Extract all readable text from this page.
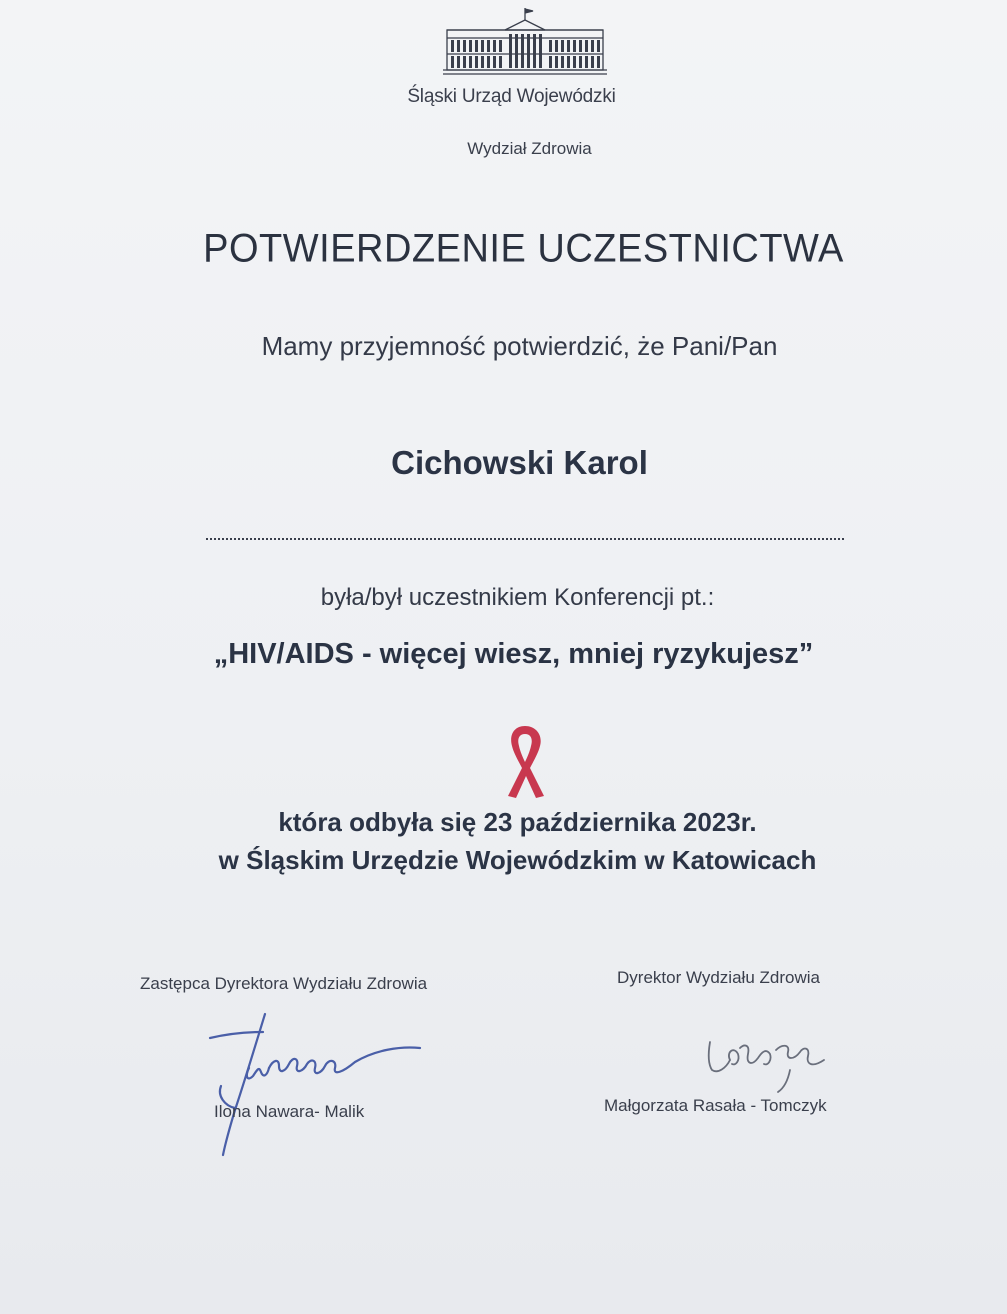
Śląski Urząd Wojewódzki
Wydział Zdrowia
POTWIERDZENIE UCZESTNICTWA
Mamy przyjemność potwierdzić, że Pani/Pan
Cichowski Karol
była/był uczestnikiem Konferencji pt.:
„HIV/AIDS - więcej wiesz, mniej ryzykujesz”
która odbyła się 23 października 2023r.
w Śląskim Urzędzie Wojewódzkim w Katowicach
Zastępca Dyrektora Wydziału Zdrowia
Ilona Nawara- Malik
Dyrektor Wydziału Zdrowia
Małgorzata Rasała - Tomczyk
